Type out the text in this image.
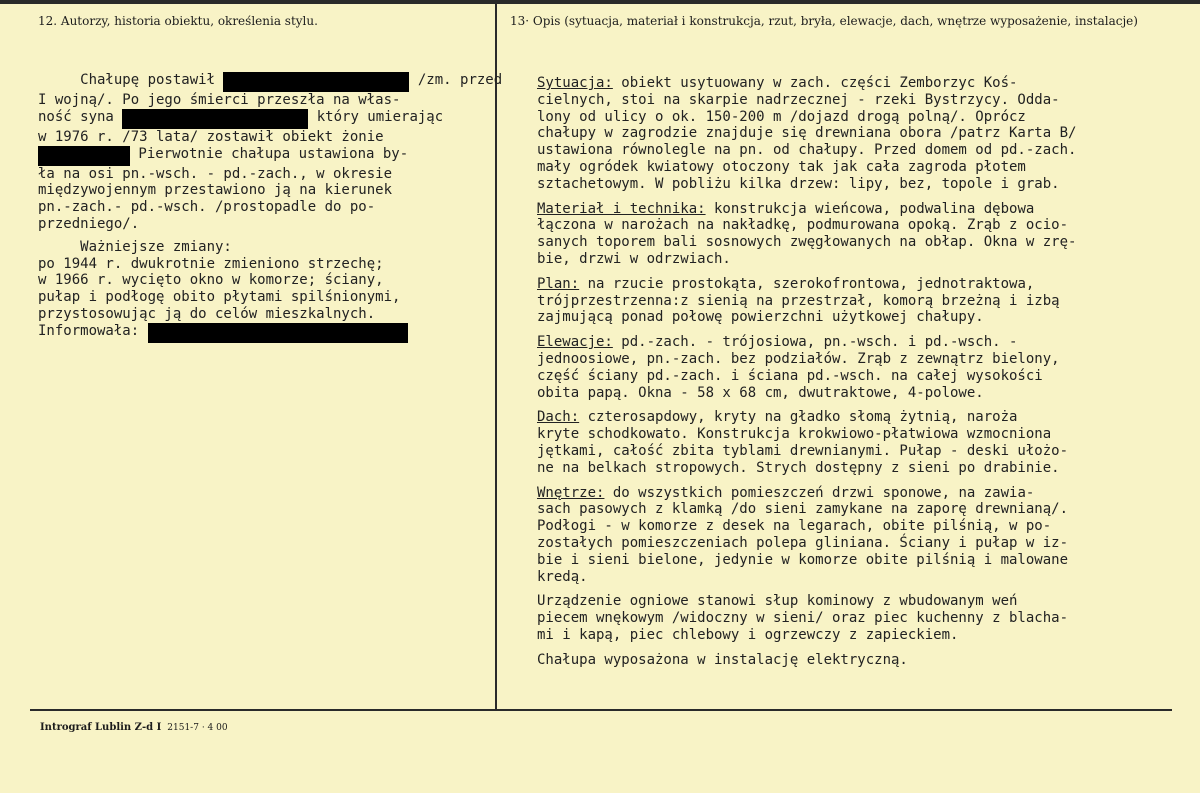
12. Autorzy, historia obiektu, określenia stylu.	13· Opis (sytuacja, materiał i konstrukcja, rzut, bryła, elewacje, dach, wnętrze wyposażenie, instalacje)
Chałupę postawił	/zm. przed
I wojną/. Po jego śmierci przeszła na włas-
ność syna	który umierając
w 1976 r. /73 lata/ zostawił obiekt żonie
Pierwotnie chałupa ustawiona by-
ła na osi pn.-wsch. - pd.-zach., w okresie
międzywojennym przestawiono ją na kierunek
pn.-zach.- pd.-wsch. /prostopadle do po-
przedniego/.
Ważniejsze zmiany:
po 1944 r. dwukrotnie zmieniono strzechę;
w 1966 r. wycięto okno w komorze; ściany,
pułap i podłogę obito płytami spilśnionymi,
przystosowując ją do celów mieszkalnych.
Informowała:
Sytuacja: obiekt usytuowany w zach. części Zemborzyc Koś-
cielnych, stoi na skarpie nadrzecznej - rzeki Bystrzycy. Odda-
lony od ulicy o ok. 150-200 m /dojazd drogą polną/. Oprócz
chałupy w zagrodzie znajduje się drewniana obora /patrz Karta B/
ustawiona równolegle na pn. od chałupy. Przed domem od pd.-zach.
mały ogródek kwiatowy otoczony tak jak cała zagroda płotem
sztachetowym. W pobliżu kilka drzew: lipy, bez, topole i grab.
Materiał i technika: konstrukcja wieńcowa, podwalina dębowa
łączona w narożach na nakładkę, podmurowana opoką. Zrąb z ocio-
sanych toporem bali sosnowych zwęgłowanych na obłap. Okna w zrę-
bie, drzwi w odrzwiach.
Plan: na rzucie prostokąta, szerokofrontowa, jednotraktowa,
trójprzestrzenna:z sienią na przestrzał, komorą brzeżną i izbą
zajmującą ponad połowę powierzchni użytkowej chałupy.
Elewacje: pd.-zach. - trójosiowa, pn.-wsch. i pd.-wsch. -
jednoosiowe, pn.-zach. bez podziałów. Zrąb z zewnątrz bielony,
część ściany pd.-zach. i ściana pd.-wsch. na całej wysokości
obita papą. Okna - 58 x 68 cm, dwutraktowe, 4-polowe.
Dach: czterosapdowy, kryty na gładko słomą żytnią, naroża
kryte schodkowato. Konstrukcja krokwiowo-płatwiowa wzmocniona
jętkami, całość zbita tyblami drewnianymi. Pułap - deski ułożo-
ne na belkach stropowych. Strych dostępny z sieni po drabinie.
Wnętrze: do wszystkich pomieszczeń drzwi sponowe, na zawia-
sach pasowych z klamką /do sieni zamykane na zaporę drewnianą/.
Podłogi - w komorze z desek na legarach, obite pilśnią, w po-
zostałych pomieszczeniach polepa gliniana. Ściany i pułap w iz-
bie i sieni bielone, jedynie w komorze obite pilśnią i malowane
kredą.
Urządzenie ogniowe stanowi słup kominowy z wbudowanym weń
piecem wnękowym /widoczny w sieni/ oraz piec kuchenny z blacha-
mi i kapą, piec chlebowy i ogrzewczy z zapieckiem.
Chałupa wyposażona w instalację elektryczną.
Intrograf Lublin Z-d I 2151-7 · 4 00
